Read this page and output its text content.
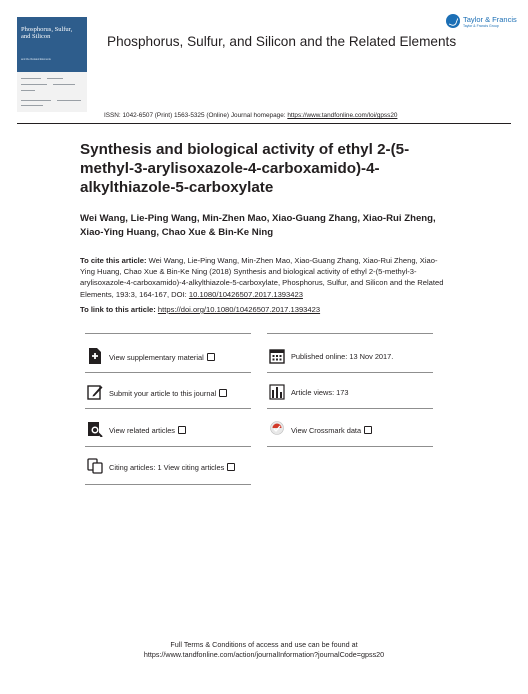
Phosphorus, Sulfur, and Silicon
and the Related Elements
Taylor & Francis
Taylor & Francis Group
Phosphorus, Sulfur, and Silicon and the Related Elements
ISSN: 1042-6507 (Print) 1563-5325 (Online) Journal homepage: https://www.tandfonline.com/loi/gpss20
Synthesis and biological activity of ethyl 2-(5-methyl-3-arylisoxazole-4-carboxamido)-4-alkylthiazole-5-carboxylate
Wei Wang, Lie-Ping Wang, Min-Zhen Mao, Xiao-Guang Zhang, Xiao-Rui Zheng, Xiao-Ying Huang, Chao Xue & Bin-Ke Ning
To cite this article: Wei Wang, Lie-Ping Wang, Min-Zhen Mao, Xiao-Guang Zhang, Xiao-Rui Zheng, Xiao-Ying Huang, Chao Xue & Bin-Ke Ning (2018) Synthesis and biological activity of ethyl 2-(5-methyl-3-arylisoxazole-4-carboxamido)-4-alkylthiazole-5-carboxylate, Phosphorus, Sulfur, and Silicon and the Related Elements, 193:3, 164-167, DOI: 10.1080/10426507.2017.1393423
To link to this article: https://doi.org/10.1080/10426507.2017.1393423
View supplementary material	Published online: 13 Nov 2017.
Submit your article to this journal	Article views: 173
View related articles	View Crossmark data
Citing articles: 1 View citing articles
Full Terms & Conditions of access and use can be found at
https://www.tandfonline.com/action/journalInformation?journalCode=gpss20
